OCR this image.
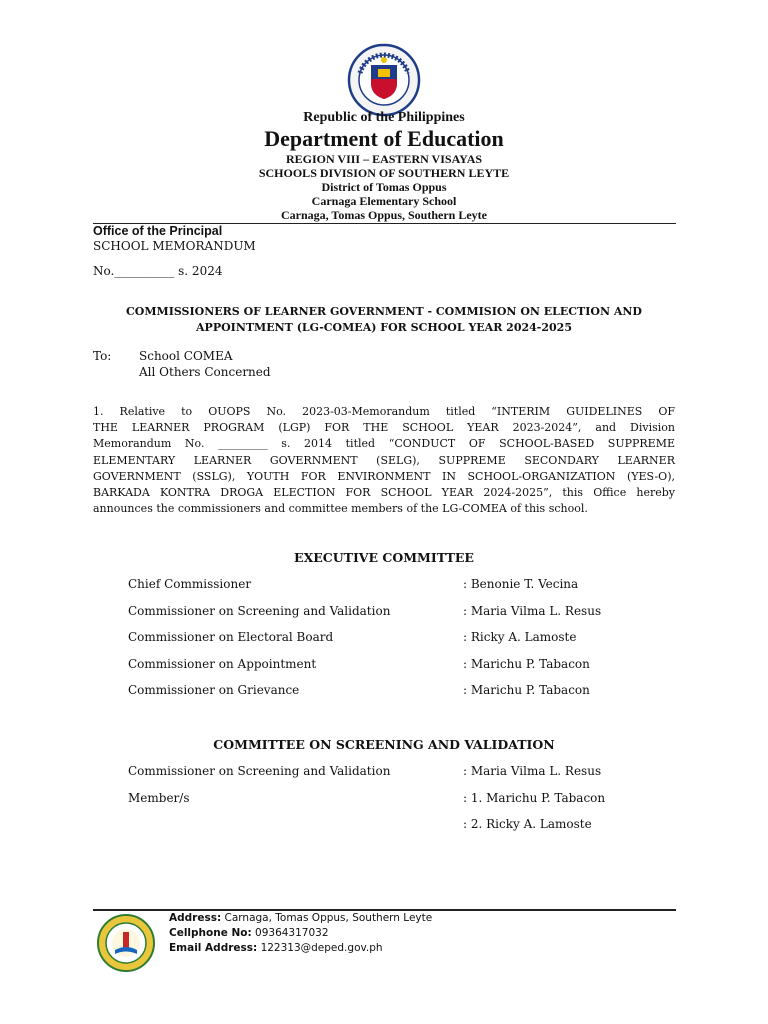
Republic of the Philippines
Department of Education
REGION VIII – EASTERN VISAYAS
SCHOOLS DIVISION OF SOUTHERN LEYTE
District of Tomas Oppus
Carnaga Elementary School
Carnaga, Tomas Oppus, Southern Leyte
Office of the Principal
SCHOOL MEMORANDUM
No.__________ s. 2024
COMMISSIONERS OF LEARNER GOVERNMENT - COMMISION ON ELECTION AND
APPOINTMENT (LG-COMEA) FOR SCHOOL YEAR 2024-2025
To: School COMEA
All Others Concerned
1. Relative to OUOPS No. 2023-03-Memorandum titled “INTERIM GUIDELINES OF
THE LEARNER PROGRAM (LGP) FOR THE SCHOOL YEAR 2023-2024”, and Division
Memorandum No. _________ s. 2014 titled “CONDUCT OF SCHOOL-BASED SUPPREME
ELEMENTARY LEARNER GOVERNMENT (SELG), SUPPREME SECONDARY LEARNER
GOVERNMENT (SSLG), YOUTH FOR ENVIRONMENT IN SCHOOL-ORGANIZATION (YES-O),
BARKADA KONTRA DROGA ELECTION FOR SCHOOL YEAR 2024-2025”, this Office hereby
announces the commissioners and committee members of the LG-COMEA of this school.
EXECUTIVE COMMITTEE
Chief Commissioner	: Benonie T. Vecina
Commissioner on Screening and Validation	: Maria Vilma L. Resus
Commissioner on Electoral Board	: Ricky A. Lamoste
Commissioner on Appointment	: Marichu P. Tabacon
Commissioner on Grievance	: Marichu P. Tabacon
COMMITTEE ON SCREENING AND VALIDATION
Commissioner on Screening and Validation	: Maria Vilma L. Resus
Member/s	: 1. Marichu P. Tabacon
: 2. Ricky A. Lamoste
Address: Carnaga, Tomas Oppus, Southern Leyte
Cellphone No: 09364317032
Email Address: 122313@deped.gov.ph
